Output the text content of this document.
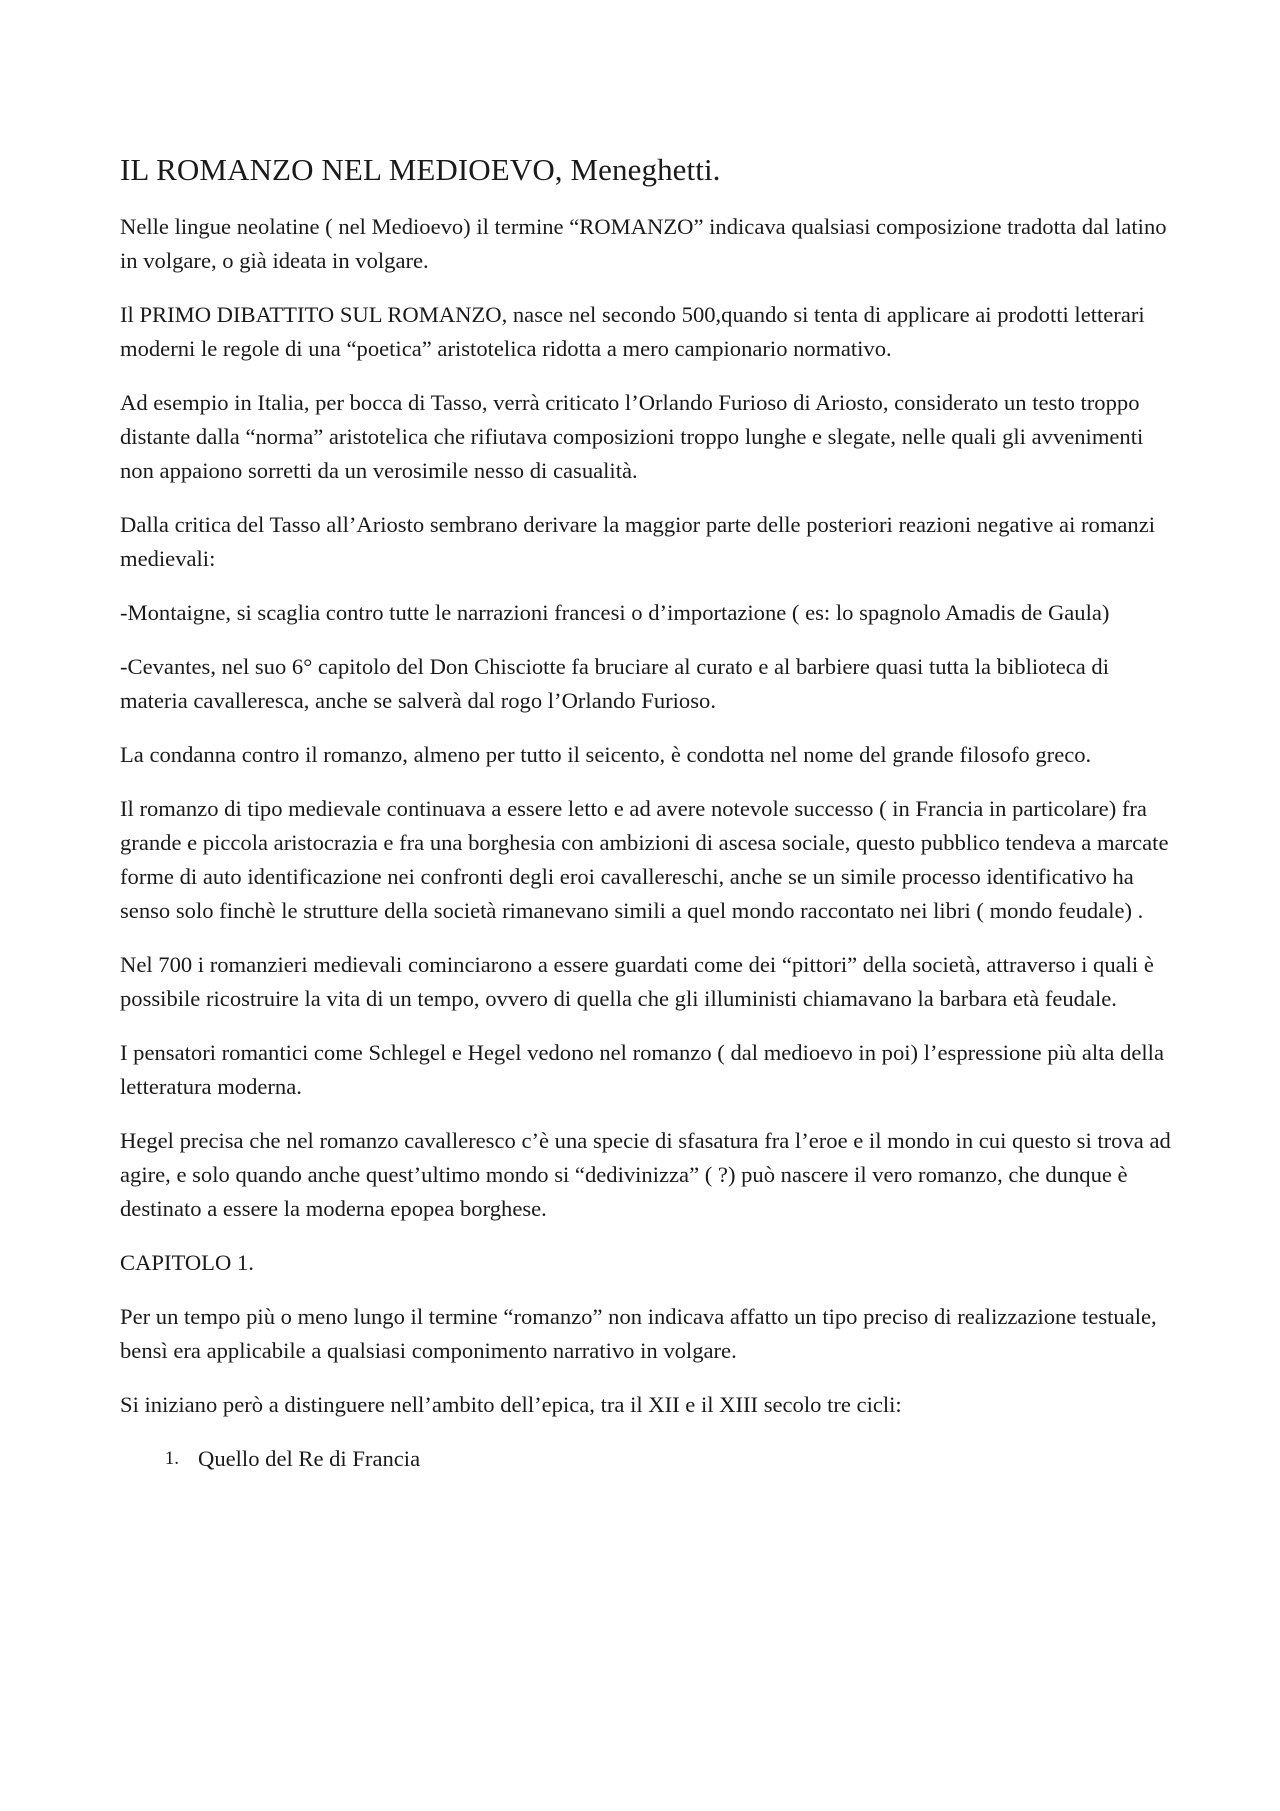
IL ROMANZO NEL MEDIOEVO, Meneghetti.

Nelle lingue neolatine ( nel Medioevo) il termine “ROMANZO” indicava qualsiasi composizione tradotta dal latino in volgare, o già ideata in volgare.

Il PRIMO DIBATTITO SUL ROMANZO, nasce nel secondo 500,quando si tenta di applicare ai prodotti letterari moderni le regole di una “poetica” aristotelica ridotta a mero campionario normativo.

Ad esempio in Italia, per bocca di Tasso, verrà criticato l’Orlando Furioso di Ariosto, considerato un testo troppo distante dalla “norma” aristotelica che rifiutava composizioni troppo lunghe e slegate, nelle quali gli avvenimenti non appaiono sorretti da un verosimile nesso di casualità.

Dalla critica del Tasso all’Ariosto sembrano derivare la maggior parte delle posteriori reazioni negative ai romanzi medievali:

-Montaigne, si scaglia contro tutte le narrazioni francesi o d’importazione ( es: lo spagnolo Amadis de Gaula)

-Cevantes, nel suo 6° capitolo del Don Chisciotte fa bruciare al curato e al barbiere quasi tutta la biblioteca di materia cavalleresca, anche se salverà dal rogo l’Orlando Furioso.

La condanna contro il romanzo, almeno per tutto il seicento, è condotta nel nome del grande filosofo greco.

Il romanzo di tipo medievale continuava a essere letto e ad avere notevole successo ( in Francia in particolare) fra grande e piccola aristocrazia e fra una borghesia con ambizioni di ascesa sociale, questo pubblico tendeva a marcate forme di auto identificazione nei confronti degli eroi cavallereschi, anche se un simile processo identificativo ha senso solo finchè le strutture della società rimanevano simili a quel mondo raccontato nei libri ( mondo feudale) .

Nel 700 i romanzieri medievali cominciarono a essere guardati come dei “pittori” della società, attraverso i quali è possibile ricostruire la vita di un tempo, ovvero di quella che gli illuministi chiamavano la barbara età feudale.

I pensatori romantici come Schlegel e Hegel vedono nel romanzo ( dal medioevo in poi) l’espressione più alta della letteratura moderna.

Hegel precisa che nel romanzo cavalleresco c’è una specie di sfasatura fra l’eroe e il mondo in cui questo si trova ad agire, e solo quando anche quest’ultimo mondo si “dedivinizza” ( ?) può nascere il vero romanzo, che dunque è destinato a essere la moderna epopea borghese.

CAPITOLO 1.

Per un tempo più o meno lungo il termine “romanzo” non indicava affatto un tipo preciso di realizzazione testuale, bensì era applicabile a qualsiasi componimento narrativo in volgare.

Si iniziano però a distinguere nell’ambito dell’epica, tra il XII e il XIII secolo tre cicli:

1. Quello del Re di Francia
